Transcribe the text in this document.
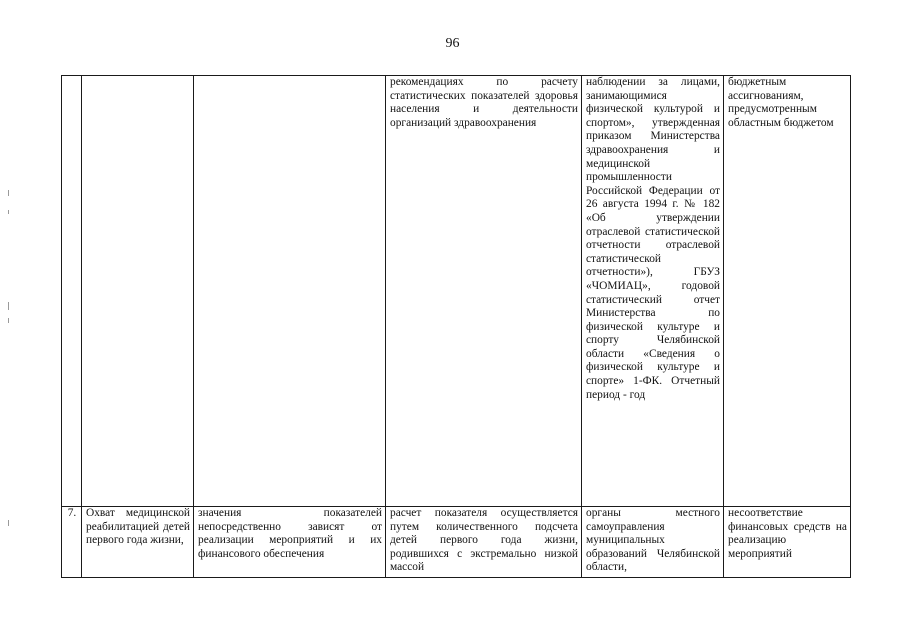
96

			рекомендациях по расчету статистических показателей здоровья населения и деятельности организаций здравоохранения	наблюдении за лицами, занимающимися физической культурой и спортом», утвержденная приказом Министерства здравоохранения и медицинской промышленности Российской Федерации от 26 августа 1994 г. № 182 «Об утверждении отраслевой статистической отчетности отраслевой статистической отчетности»), ГБУЗ «ЧОМИАЦ», годовой статистический отчет Министерства по физической культуре и спорту Челябинской области «Сведения о физической культуре и спорте» 1-ФК. Отчетный период - год	бюджетным ассигнованиям, предусмотренным областным бюджетом

7.	Охват медицинской реабилитацией детей первого года жизни,	значения показателей непосредственно зависят от реализации мероприятий и их финансового обеспечения	расчет показателя осуществляется путем количественного подсчета детей первого года жизни, родившихся с экстремально низкой массой	органы местного самоуправления муниципальных образований Челябинской области,	несоответствие финансовых средств на реализацию мероприятий
